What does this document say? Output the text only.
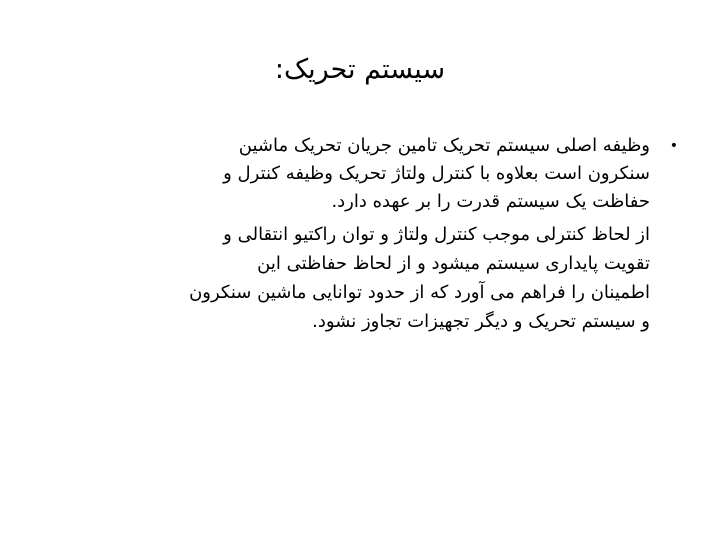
سیستم تحریک:
•
وظیفه اصلی سیستم تحریک تامین جریان تحریک ماشین
سنکرون است بعلاوه با کنترل ولتاژ تحریک وظیفه کنترل و
حفاظت یک سیستم قدرت را بر عهده دارد.
از لحاظ کنترلی موجب کنترل ولتاژ و توان راکتیو انتقالی و
تقویت پایداری سیستم میشود و از لحاظ حفاظتی این
اطمینان را فراهم می آورد که از حدود توانایی ماشین سنکرون
و سیستم تحریک و دیگر تجهیزات تجاوز نشود.
